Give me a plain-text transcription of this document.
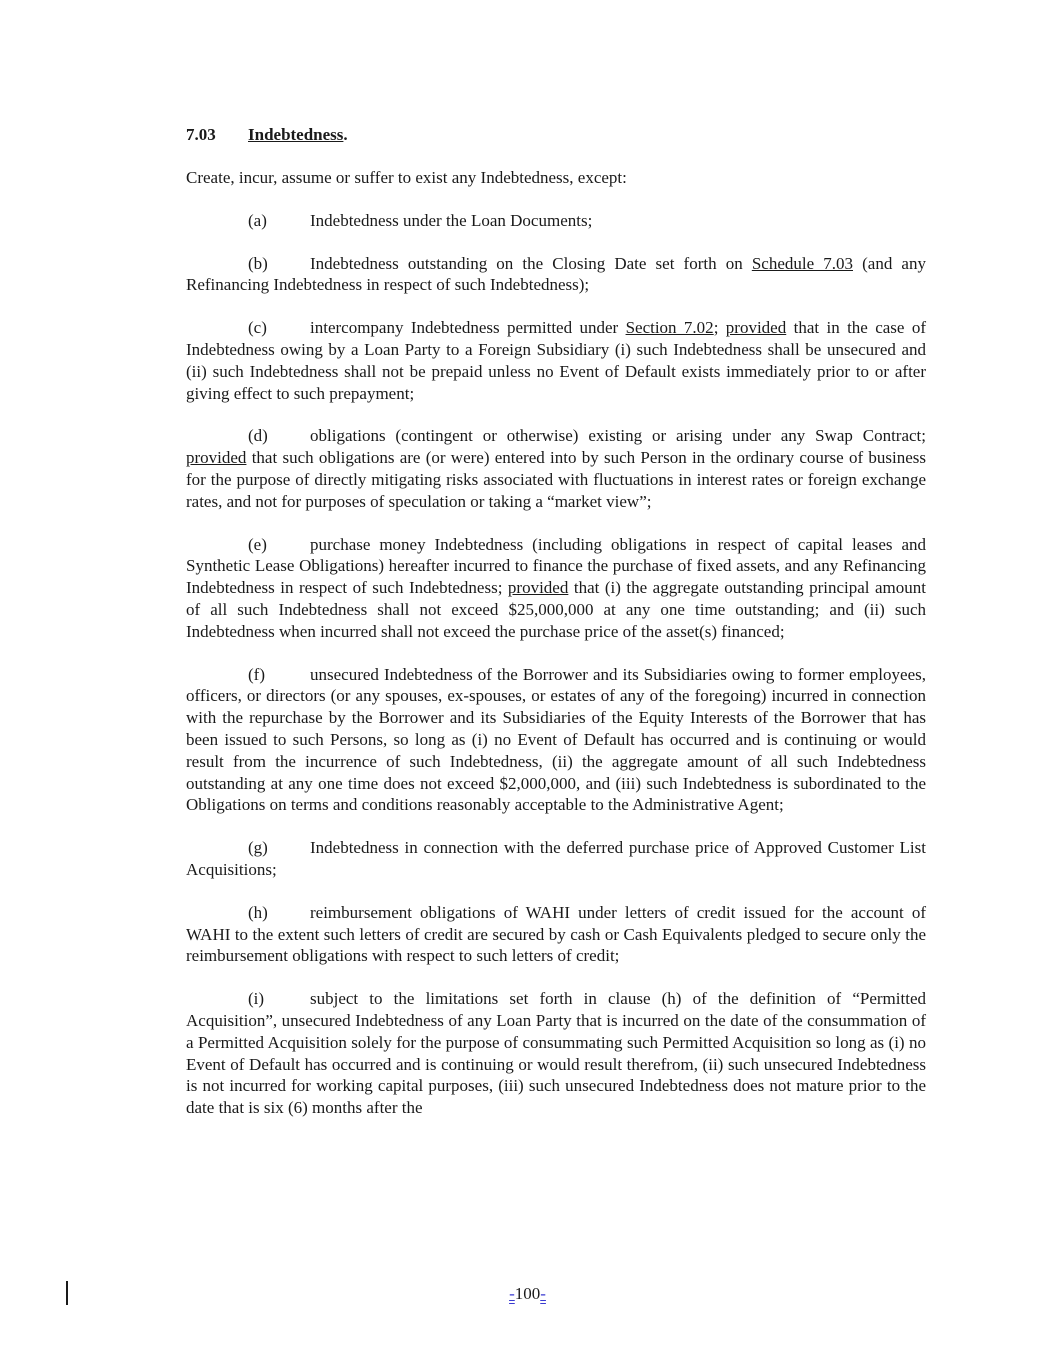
7.03 Indebtedness.
Create, incur, assume or suffer to exist any Indebtedness, except:
(a)	Indebtedness under the Loan Documents;
(b) Indebtedness outstanding on the Closing Date set forth on Schedule 7.03 (and any Refinancing Indebtedness in respect of such Indebtedness);
(c)	intercompany Indebtedness permitted under Section 7.02; provided that in the case of Indebtedness owing by a Loan Party to a Foreign Subsidiary (i) such Indebtedness shall be unsecured and (ii) such Indebtedness shall not be prepaid unless no Event of Default exists immediately prior to or after giving effect to such prepayment;
(d) obligations (contingent or otherwise) existing or arising under any Swap Contract; provided that such obligations are (or were) entered into by such Person in the ordinary course of business for the purpose of directly mitigating risks associated with fluctuations in interest rates or foreign exchange rates, and not for purposes of speculation or taking a “market view”;
(e)	purchase money Indebtedness (including obligations in respect of capital leases and Synthetic Lease Obligations) hereafter incurred to finance the purchase of fixed assets, and any Refinancing Indebtedness in respect of such Indebtedness; provided that (i) the aggregate outstanding principal amount of all such Indebtedness shall not exceed $25,000,000 at any one time outstanding; and (ii) such Indebtedness when incurred shall not exceed the purchase price of the asset(s) financed;
(f)	unsecured Indebtedness of the Borrower and its Subsidiaries owing to former employees, officers, or directors (or any spouses, ex-spouses, or estates of any of the foregoing) incurred in connection with the repurchase by the Borrower and its Subsidiaries of the Equity Interests of the Borrower that has been issued to such Persons, so long as (i) no Event of Default has occurred and is continuing or would result from the incurrence of such Indebtedness, (ii) the aggregate amount of all such Indebtedness outstanding at any one time does not exceed $2,000,000, and (iii) such Indebtedness is subordinated to the Obligations on terms and conditions reasonably acceptable to the Administrative Agent;
(g) Indebtedness in connection with the deferred purchase price of Approved Customer List Acquisitions;
(h) reimbursement obligations of WAHI under letters of credit issued for the account of WAHI to the extent such letters of credit are secured by cash or Cash Equivalents pledged to secure only the reimbursement obligations with respect to such letters of credit;
(i)	subject to the limitations set forth in clause (h) of the definition of “Permitted Acquisition”, unsecured Indebtedness of any Loan Party that is incurred on the date of the consummation of a Permitted Acquisition solely for the purpose of consummating such Permitted Acquisition so long as (i) no Event of Default has occurred and is continuing or would result therefrom, (ii) such unsecured Indebtedness is not incurred for working capital purposes, (iii) such unsecured Indebtedness does not mature prior to the date that is six (6) months after the
-100-
